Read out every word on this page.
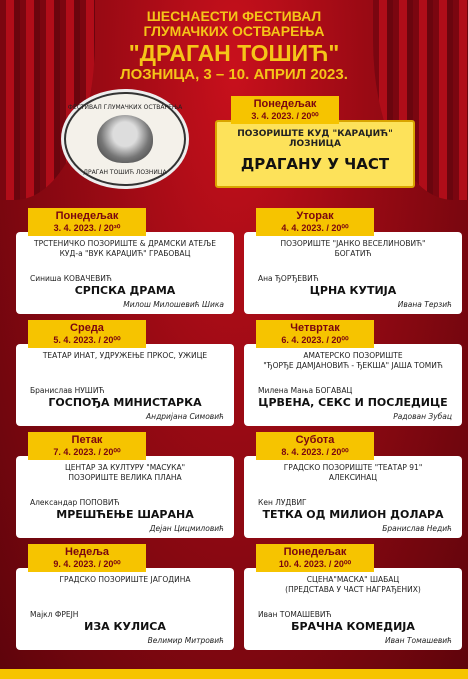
ШЕСНАЕСТИ ФЕСТИВАЛ
ГЛУМАЧКИХ ОСТВАРЕЊА
"ДРАГАН ТОШИЋ"
ЛОЗНИЦА, 3 – 10. АПРИЛ 2023.
ФЕСТИВАЛ ГЛУМАЧКИХ ОСТВАРЕЊА
ДРАГАН ТОШИЋ ЛОЗНИЦА
Понедељак
3. 4. 2023. / 20⁰⁰
ПОЗОРИШТЕ КУД "КАРАЏИЋ"
ЛОЗНИЦА
ДРАГАНУ У ЧАСТ
Понедељак
3. 4. 2023. / 20³⁰
ТРСТЕНИЧКО ПОЗОРИШТЕ & ДРАМСКИ АТЕЉЕ
КУД-а "ВУК КАРАЏИЋ" ГРАБОВАЦ
Синиша КОВАЧЕВИЋ
СРПСКА ДРАМА
Милош Милошевић Шика
Уторак
4. 4. 2023. / 20⁰⁰
ПОЗОРИШТЕ "ЈАНКО ВЕСЕЛИНОВИЋ"
БОГАТИЋ
Ана ЂОРЂЕВИЋ
ЦРНА КУТИЈА
Ивана Терзић
Среда
5. 4. 2023. / 20⁰⁰
ТЕАТАР ИНАТ, УДРУЖЕЊЕ ПРКОС, УЖИЦЕ
Бранислав НУШИЋ
ГОСПОЂА МИНИСТАРКА
Андријана Симовић
Четвртак
6. 4. 2023. / 20⁰⁰
АМАТЕРСКО ПОЗОРИШТЕ
"ЂОРЂЕ ДАМЈАНОВИЋ - ЂЕКША" ЈАША ТОМИЋ
Милена Мања БОГАВАЦ
ЦРВЕНА, СЕКС И ПОСЛЕДИЦЕ
Радован Зубац
Петак
7. 4. 2023. / 20⁰⁰
ЦЕНТАР ЗА КУЛТУРУ "МАСУКА"
ПОЗОРИШТЕ ВЕЛИКА ПЛАНА
Александар ПОПОВИЋ
МРЕШЋЕЊЕ ШАРАНА
Дејан Цицмиловић
Субота
8. 4. 2023. / 20⁰⁰
ГРАДСКО ПОЗОРИШТЕ "ТЕАТАР 91"
АЛЕКСИНАЦ
Кен ЛУДВИГ
ТЕТКА ОД МИЛИОН ДОЛАРА
Бранислав Недић
Недеља
9. 4. 2023. / 20⁰⁰
ГРАДСКО ПОЗОРИШТЕ ЈАГОДИНА
Мајкл ФРЕЈН
ИЗА КУЛИСА
Велимир Митровић
Понедељак
10. 4. 2023. / 20⁰⁰
СЦЕНА"МАСКА" ШАБАЦ
(ПРЕДСТАВА У ЧАСТ НАГРАЂЕНИХ)
Иван ТОМАШЕВИЋ
БРАЧНА КОМЕДИЈА
Иван Томашевић
